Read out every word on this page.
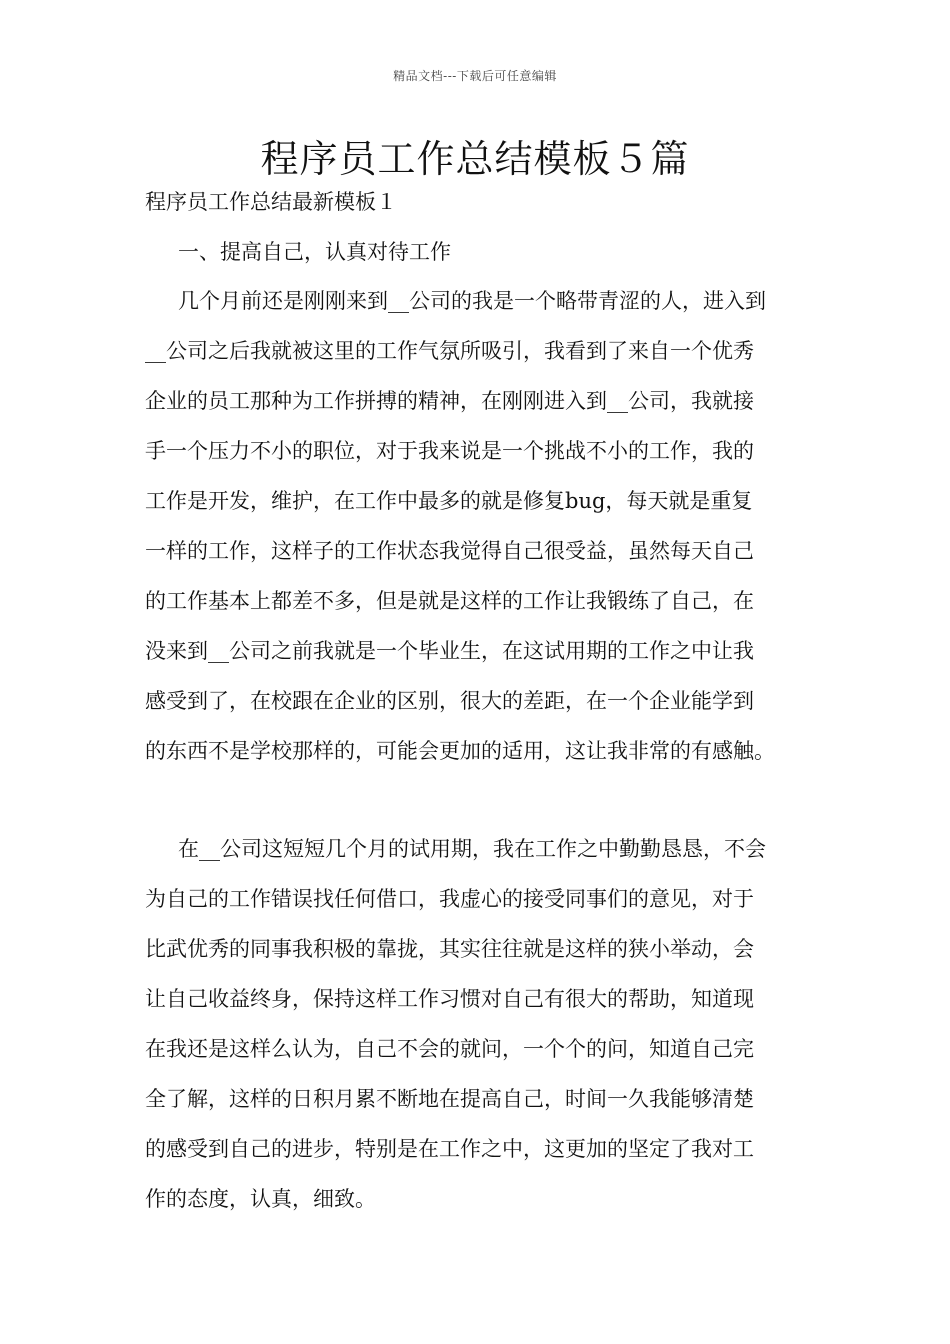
精品文档---下载后可任意编辑
程序员工作总结模板５篇

程序员工作总结最新模板１

一、提高自己，认真对待工作

几个月前还是刚刚来到__公司的我是一个略带青涩的人，进入到
__公司之后我就被这里的工作气氛所吸引，我看到了来自一个优秀
企业的员工那种为工作拼搏的精神，在刚刚进入到__公司，我就接
手一个压力不小的职位，对于我来说是一个挑战不小的工作，我的
工作是开发，维护，在工作中最多的就是修复bug，每天就是重复
一样的工作，这样子的工作状态我觉得自己很受益，虽然每天自己
的工作基本上都差不多，但是就是这样的工作让我锻练了自己，在
没来到__公司之前我就是一个毕业生，在这试用期的工作之中让我
感受到了，在校跟在企业的区别，很大的差距，在一个企业能学到
的东西不是学校那样的，可能会更加的适用，这让我非常的有感触。
在__公司这短短几个月的试用期，我在工作之中勤勤恳恳，不会
为自己的工作错误找任何借口，我虚心的接受同事们的意见，对于
比武优秀的同事我积极的靠拢，其实往往就是这样的狭小举动，会
让自己收益终身，保持这样工作习惯对自己有很大的帮助，知道现
在我还是这样么认为，自己不会的就问，一个个的问，知道自己完
全了解，这样的日积月累不断地在提高自己，时间一久我能够清楚
的感受到自己的进步，特别是在工作之中，这更加的坚定了我对工
作的态度，认真，细致。
